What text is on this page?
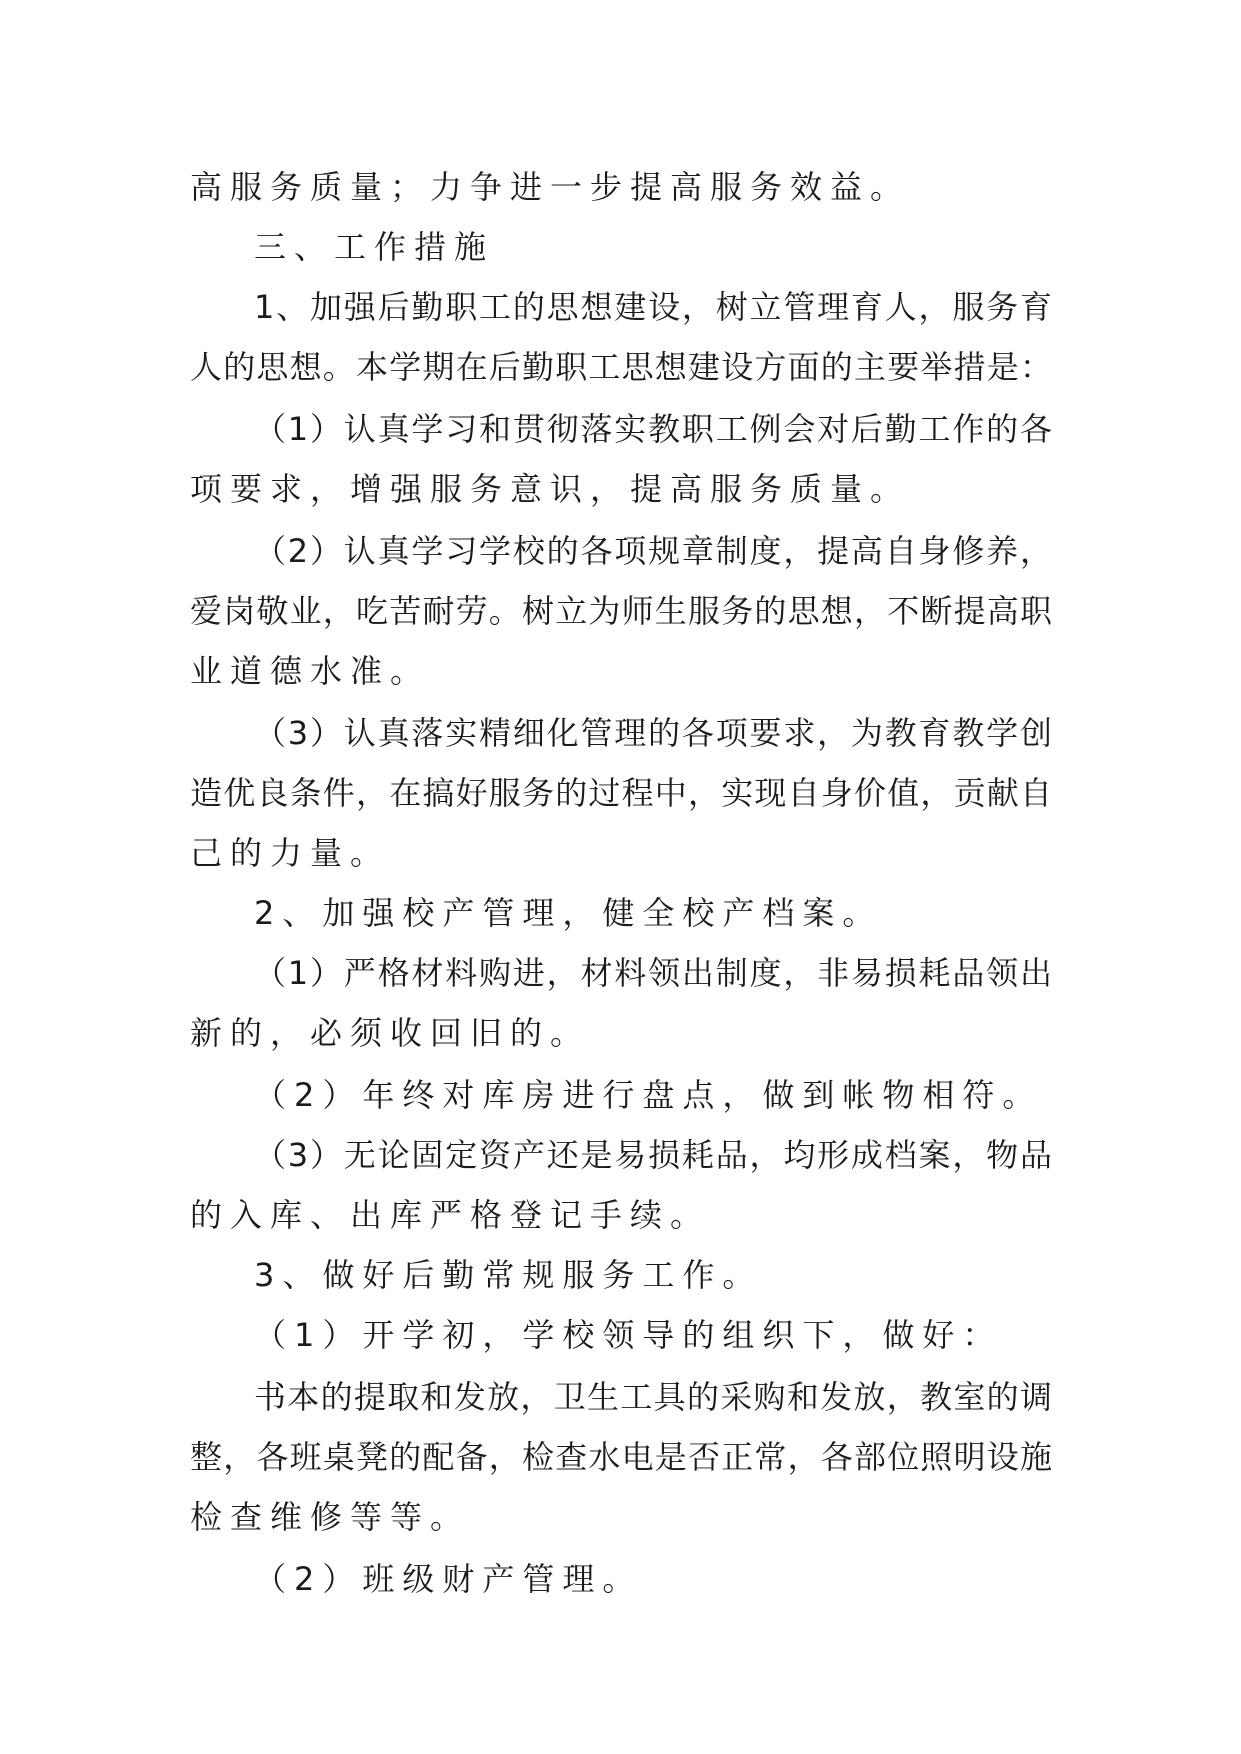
高服务质量；力争进一步提高服务效益。
三、工作措施
1、加强后勤职工的思想建设，树立管理育人，服务育
人的思想。本学期在后勤职工思想建设方面的主要举措是：
（1）认真学习和贯彻落实教职工例会对后勤工作的各
项要求，增强服务意识，提高服务质量。
（2）认真学习学校的各项规章制度，提高自身修养，
爱岗敬业，吃苦耐劳。树立为师生服务的思想，不断提高职
业道德水准。
（3）认真落实精细化管理的各项要求，为教育教学创
造优良条件，在搞好服务的过程中，实现自身价值，贡献自
己的力量。
2、加强校产管理，健全校产档案。
（1）严格材料购进，材料领出制度，非易损耗品领出
新的，必须收回旧的。
（2）年终对库房进行盘点，做到帐物相符。
（3）无论固定资产还是易损耗品，均形成档案，物品
的入库、出库严格登记手续。
3、做好后勤常规服务工作。
（1）开学初，学校领导的组织下，做好：
书本的提取和发放，卫生工具的采购和发放，教室的调
整，各班桌凳的配备，检查水电是否正常，各部位照明设施
检查维修等等。
（2）班级财产管理。
